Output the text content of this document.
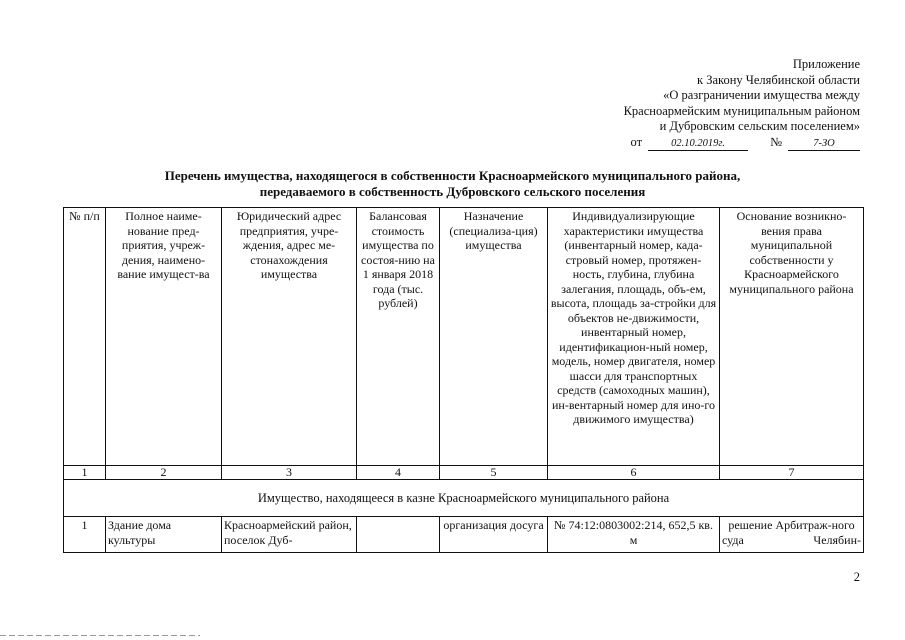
Приложение
к Закону Челябинской области
«О разграничении имущества между
Красноармейским муниципальным районом
и Дубровским сельским поселением»
от	02.10.2019г.	№	7-ЗО
Перечень имущества, находящегося в собственности Красноармейского муниципального района,
передаваемого в собственность Дубровского сельского поселения
№ п/п	Полное наиме-нование пред-приятия, учреж-дения, наимено-вание имущест-ва	Юридический адрес предприятия, учре-ждения, адрес ме-стонахождения имущества	Балансовая стоимость имущества по состоя-нию на 1 января 2018 года (тыс. рублей)	Назначение (специализа-ция) имущества	Индивидуализирующие характеристики имущества (инвентарный номер, када-стровый номер, протяжен-ность, глубина, глубина залегания, площадь, объ-ем, высота, площадь за-стройки для объектов не-движимости, инвентарный номер, идентификацион-ный номер, модель, номер двигателя, номер шасси для транспортных средств (самоходных машин), ин-вентарный номер для ино-го движимого имущества)	Основание возникно-вения права муниципальной собственности у Красноармейского муниципального района
1	2	3	4	5	6	7
Имущество, находящееся в казне Красноармейского муниципального района						
1	Здание дома культуры	Красноармейский район, поселок Дуб-		организация досуга	№ 74:12:0803002:214, 652,5 кв. м	решение Арбитраж-ного суда Челябин-
2
